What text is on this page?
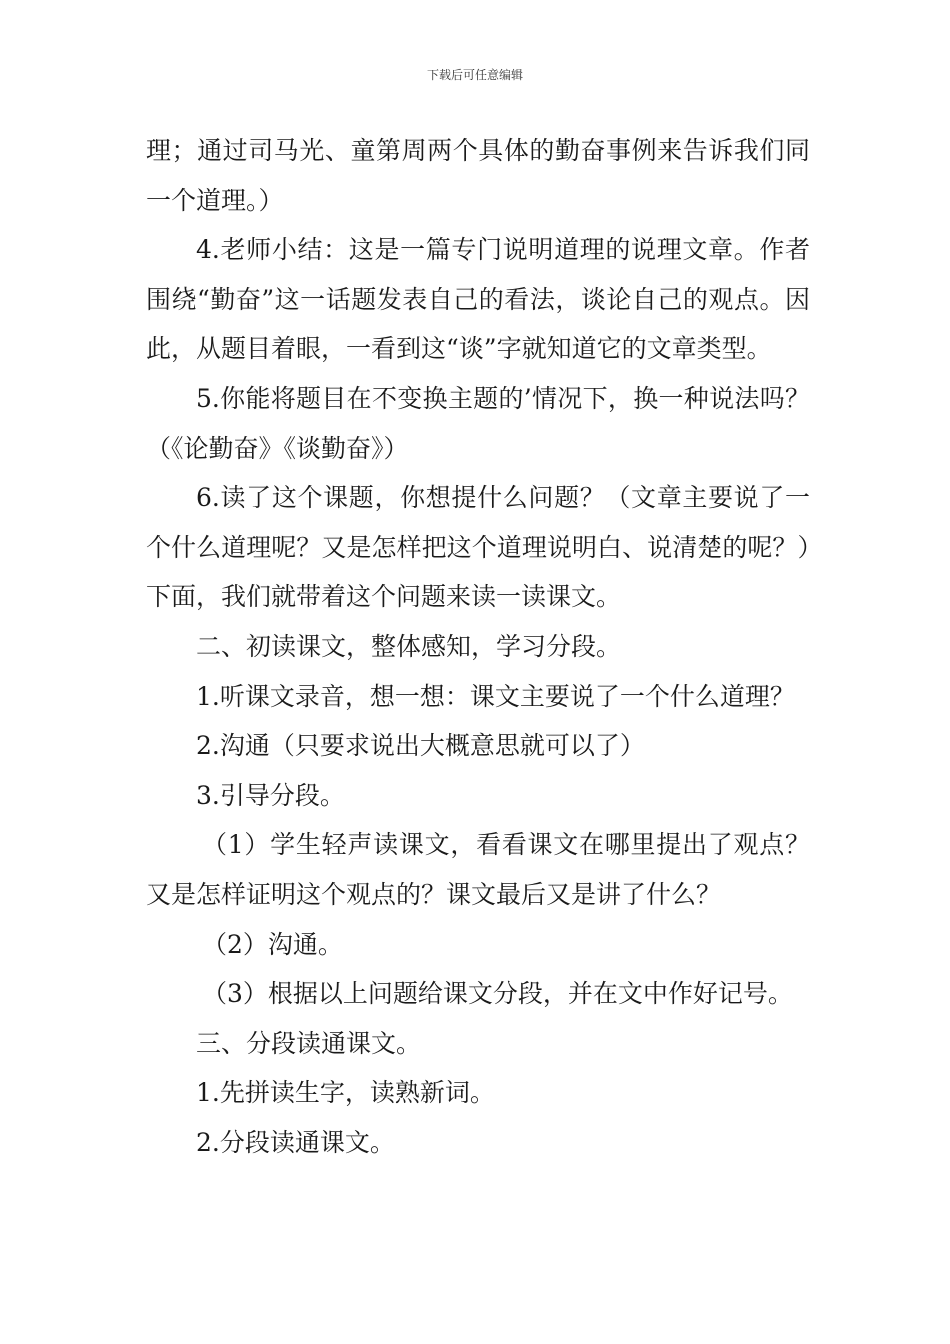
下载后可任意编辑

理；通过司马光、童第周两个具体的勤奋事例来告诉我们同一个道理。）

4.老师小结：这是一篇专门说明道理的说理文章。作者围绕“勤奋”这一话题发表自己的看法，谈论自己的观点。因此，从题目着眼，一看到这“谈”字就知道它的文章类型。

5.你能将题目在不变换主题的’情况下，换一种说法吗？（《论勤奋》《谈勤奋》）

6.读了这个课题，你想提什么问题？（文章主要说了一个什么道理呢？又是怎样把这个道理说明白、说清楚的呢？）下面，我们就带着这个问题来读一读课文。

二、初读课文，整体感知，学习分段。

1.听课文录音，想一想：课文主要说了一个什么道理？

2.沟通（只要求说出大概意思就可以了）

3.引导分段。

（1）学生轻声读课文，看看课文在哪里提出了观点？又是怎样证明这个观点的？课文最后又是讲了什么？

（2）沟通。

（3）根据以上问题给课文分段，并在文中作好记号。

三、分段读通课文。

1.先拼读生字，读熟新词。

2.分段读通课文。
